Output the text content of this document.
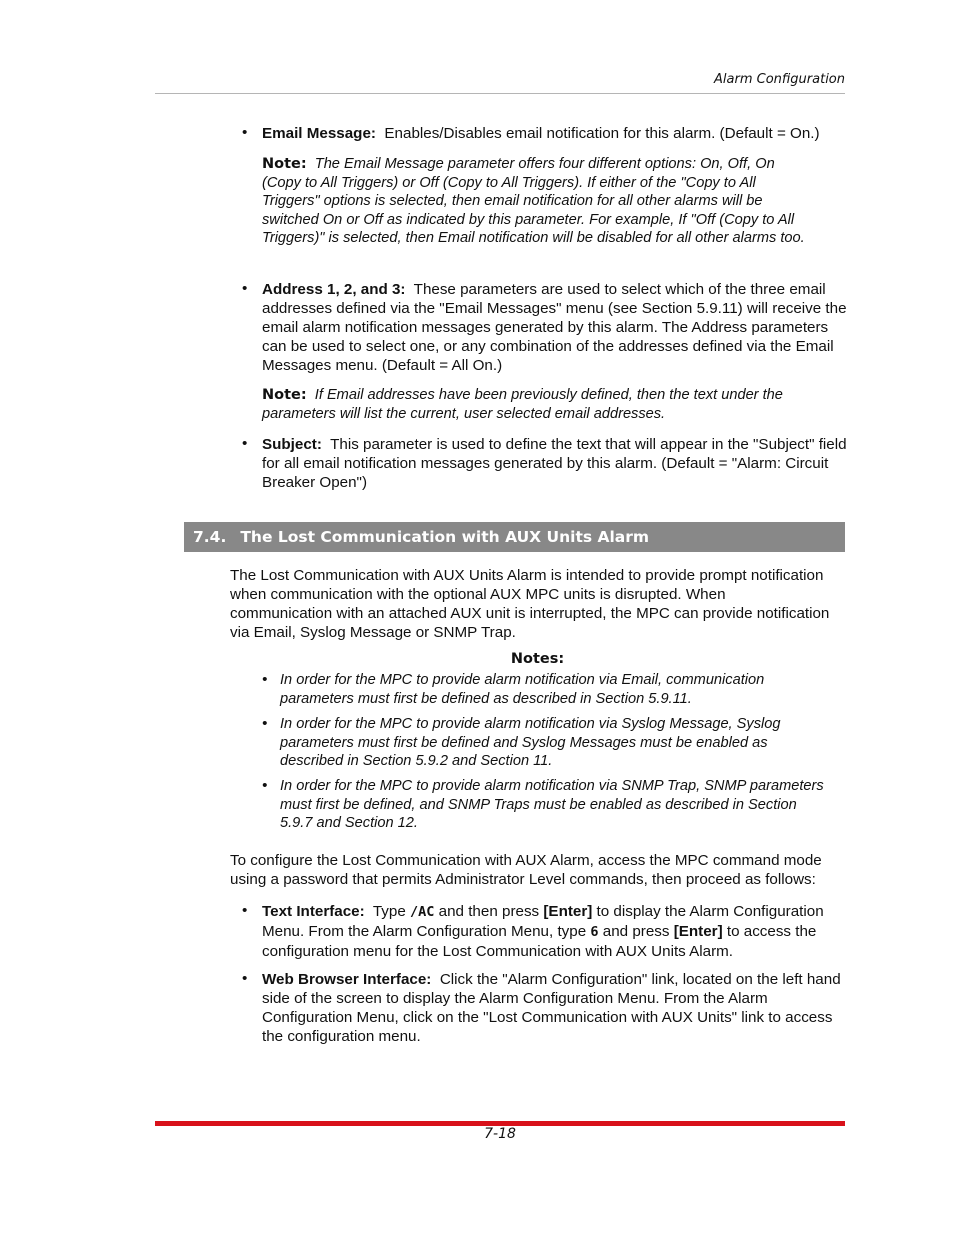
Alarm Configuration
• Email Message: Enables/Disables email notification for this alarm. (Default = On.)
Note: The Email Message parameter offers four different options: On, Off, On (Copy to All Triggers) or Off (Copy to All Triggers). If either of the "Copy to All Triggers" options is selected, then email notification for all other alarms will be switched On or Off as indicated by this parameter. For example, If "Off (Copy to All Triggers)" is selected, then Email notification will be disabled for all other alarms too.
• Address 1, 2, and 3: These parameters are used to select which of the three email addresses defined via the "Email Messages" menu (see Section 5.9.11) will receive the email alarm notification messages generated by this alarm. The Address parameters can be used to select one, or any combination of the addresses defined via the Email Messages menu. (Default = All On.)
Note: If Email addresses have been previously defined, then the text under the parameters will list the current, user selected email addresses.
• Subject: This parameter is used to define the text that will appear in the "Subject" field for all email notification messages generated by this alarm. (Default = "Alarm: Circuit Breaker Open")
7.4. The Lost Communication with AUX Units Alarm
The Lost Communication with AUX Units Alarm is intended to provide prompt notification when communication with the optional AUX MPC units is disrupted. When communication with an attached AUX unit is interrupted, the MPC can provide notification via Email, Syslog Message or SNMP Trap.
Notes:
• In order for the MPC to provide alarm notification via Email, communication parameters must first be defined as described in Section 5.9.11.
• In order for the MPC to provide alarm notification via Syslog Message, Syslog parameters must first be defined and Syslog Messages must be enabled as described in Section 5.9.2 and Section 11.
• In order for the MPC to provide alarm notification via SNMP Trap, SNMP parameters must first be defined, and SNMP Traps must be enabled as described in Section 5.9.7 and Section 12.
To configure the Lost Communication with AUX Alarm, access the MPC command mode using a password that permits Administrator Level commands, then proceed as follows:
• Text Interface: Type /AC and then press [Enter] to display the Alarm Configuration Menu. From the Alarm Configuration Menu, type 6 and press [Enter] to access the configuration menu for the Lost Communication with AUX Units Alarm.
• Web Browser Interface: Click the "Alarm Configuration" link, located on the left hand side of the screen to display the Alarm Configuration Menu. From the Alarm Configuration Menu, click on the "Lost Communication with AUX Units" link to access the configuration menu.
7-18
